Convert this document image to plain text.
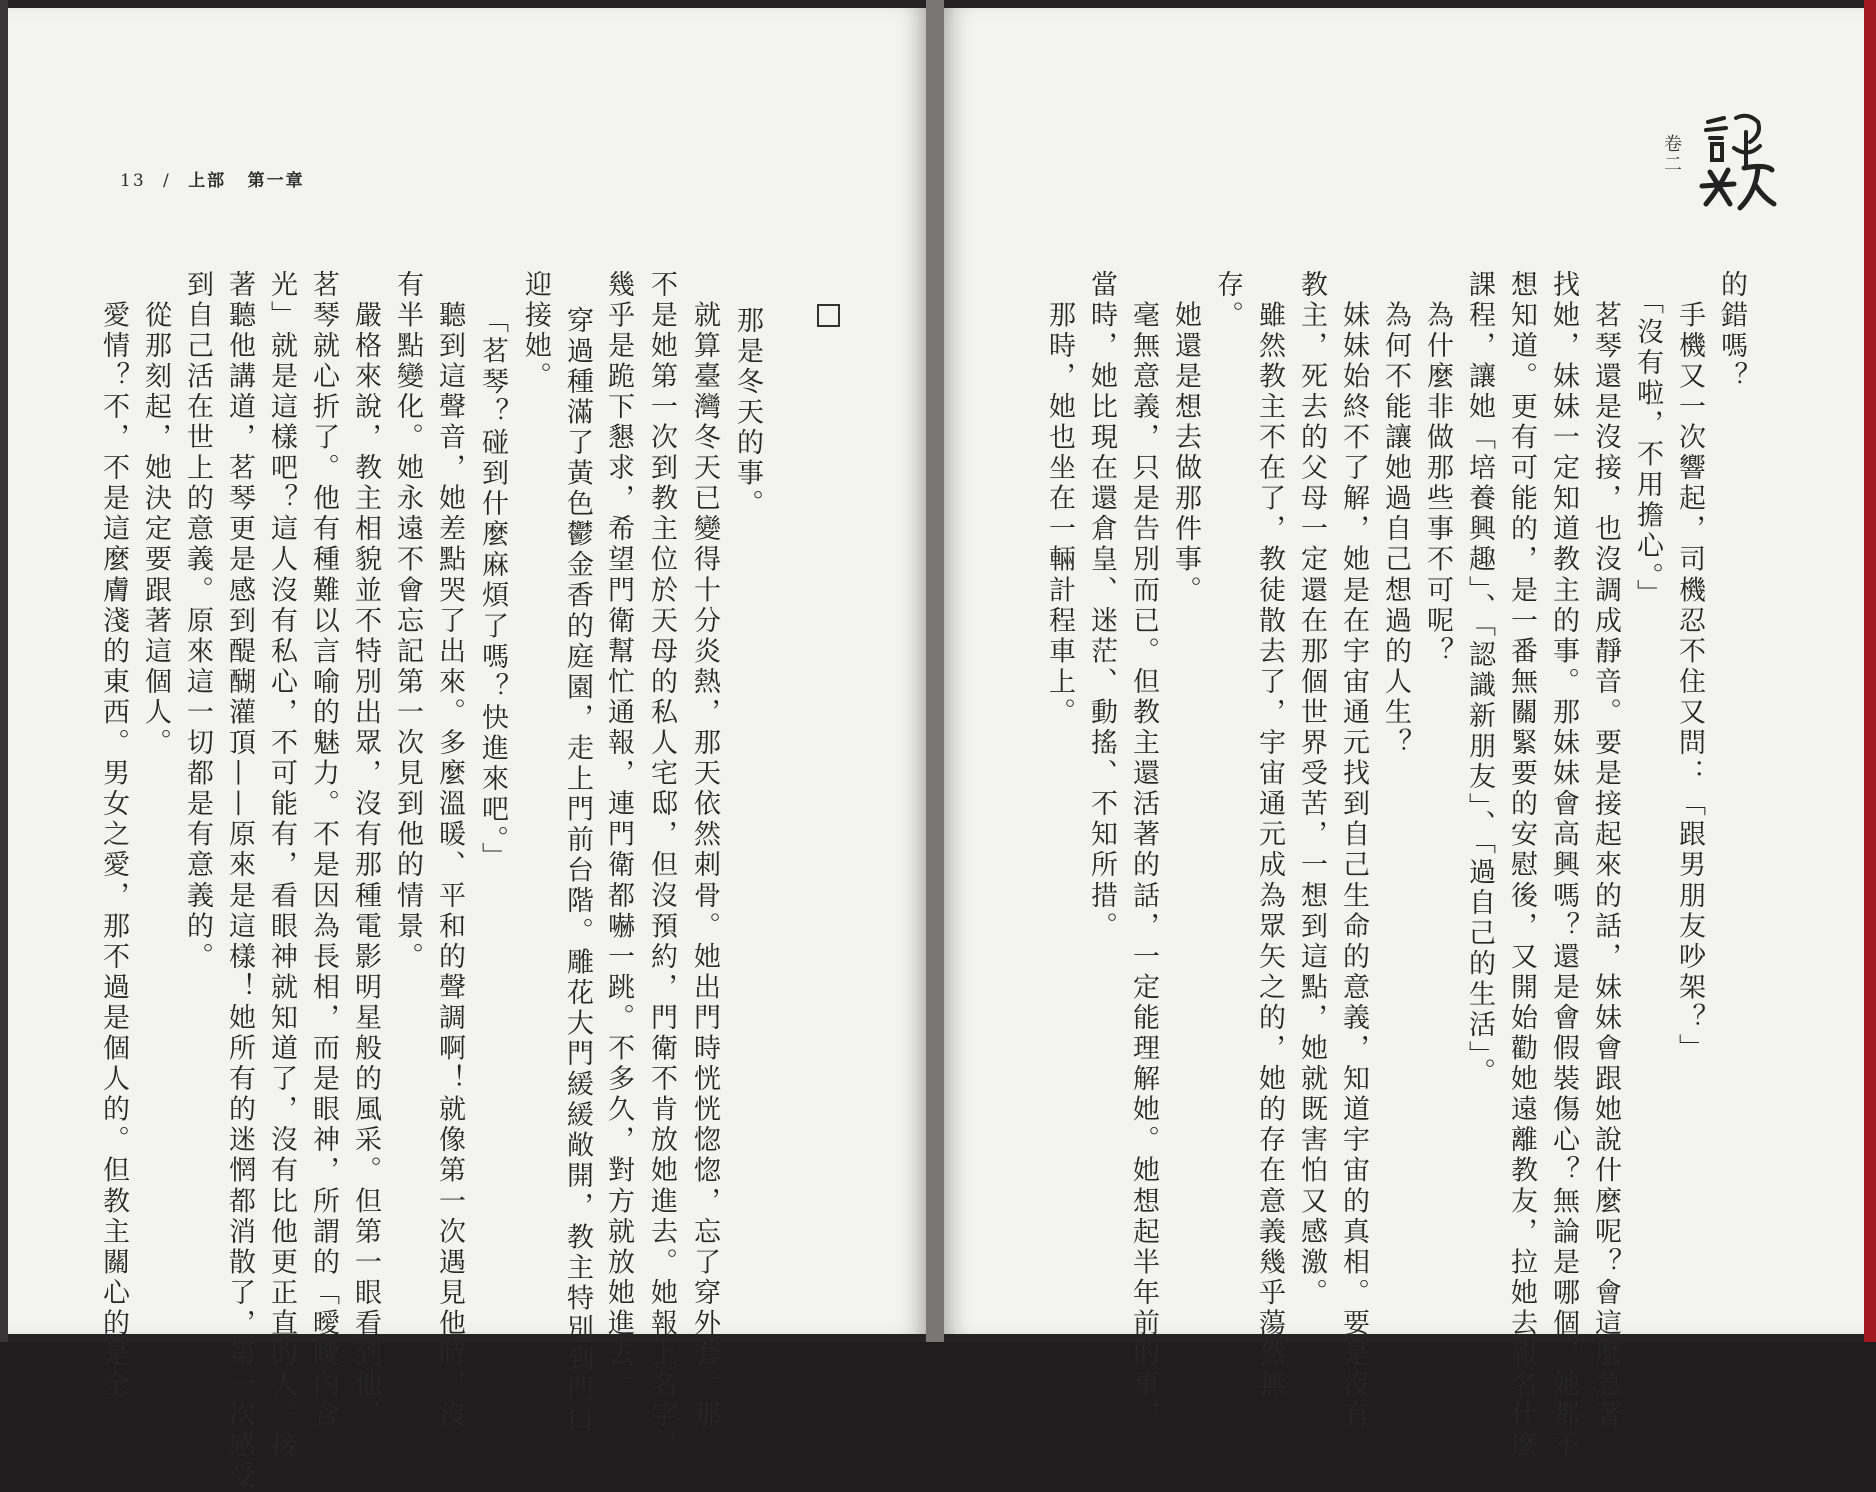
13 / 上部 第一章
那是冬天的事。
　就算臺灣冬天已變得十分炎熱，那天依然刺骨。她出門時恍恍惚惚，忘了穿外套。那
不是她第一次到教主位於天母的私人宅邸，但沒預約，門衛不肯放她進去。她報上名字，
幾乎是跪下懇求，希望門衛幫忙通報，連門衛都嚇一跳。不多久，對方就放她進去。
穿過種滿了黃色鬱金香的庭園，走上門前台階。雕花大門緩緩敞開，教主特別到門口
迎接她。
「茗琴？碰到什麼麻煩了嗎？快進來吧。」
　聽到這聲音，她差點哭了出來。多麼溫暖、平和的聲調啊！就像第一次遇見他時，沒
有半點變化。她永遠不會忘記第一次見到他的情景。
　嚴格來說，教主相貌並不特別出眾，沒有那種電影明星般的風采。但第一眼看到他，
茗琴就心折了。他有種難以言喻的魅力。不是因為長相，而是眼神，所謂的「曖曖內含
光」就是這樣吧？這人沒有私心，不可能有，看眼神就知道了，沒有比他更正直的人。接
著聽他講道，茗琴更是感到醍醐灌頂——原來是這樣！她所有的迷惘都消散了，第一次感受
到自己活在世上的意義。原來這一切都是有意義的。
　從那刻起，她決定要跟著這個人。
　愛情？不，不是這麼膚淺的東西。男女之愛，那不過是個人的。但教主關心的是全
卷二
的錯嗎？
　手機又一次響起，司機忍不住又問：「跟男朋友吵架？」
　「沒有啦，不用擔心。」
　茗琴還是沒接，也沒調成靜音。要是接起來的話，妹妹會跟她說什麼呢？會這麼急著
找她，妹妹一定知道教主的事。那妹妹會高興嗎？還是會假裝傷心？無論是哪個，她都不
想知道。更有可能的，是一番無關緊要的安慰後，又開始勸她遠離教友，拉她去報名什麼
課程，讓她「培養興趣」、「認識新朋友」、「過自己的生活」。
　為什麼非做那些事不可呢？
　為何不能讓她過自己想過的人生？
　妹妹始終不了解，她是在宇宙通元找到自己生命的意義，知道宇宙的真相。要是沒有
教主，死去的父母一定還在那個世界受苦，一想到這點，她就既害怕又感激。
　雖然教主不在了，教徒散去了，宇宙通元成為眾矢之的，她的存在意義幾乎蕩然無
存。
　她還是想去做那件事。
　毫無意義，只是告別而已。但教主還活著的話，一定能理解她。她想起半年前的事，
當時，她比現在還倉皇、迷茫、動搖、不知所措。
　那時，她也坐在一輛計程車上。
